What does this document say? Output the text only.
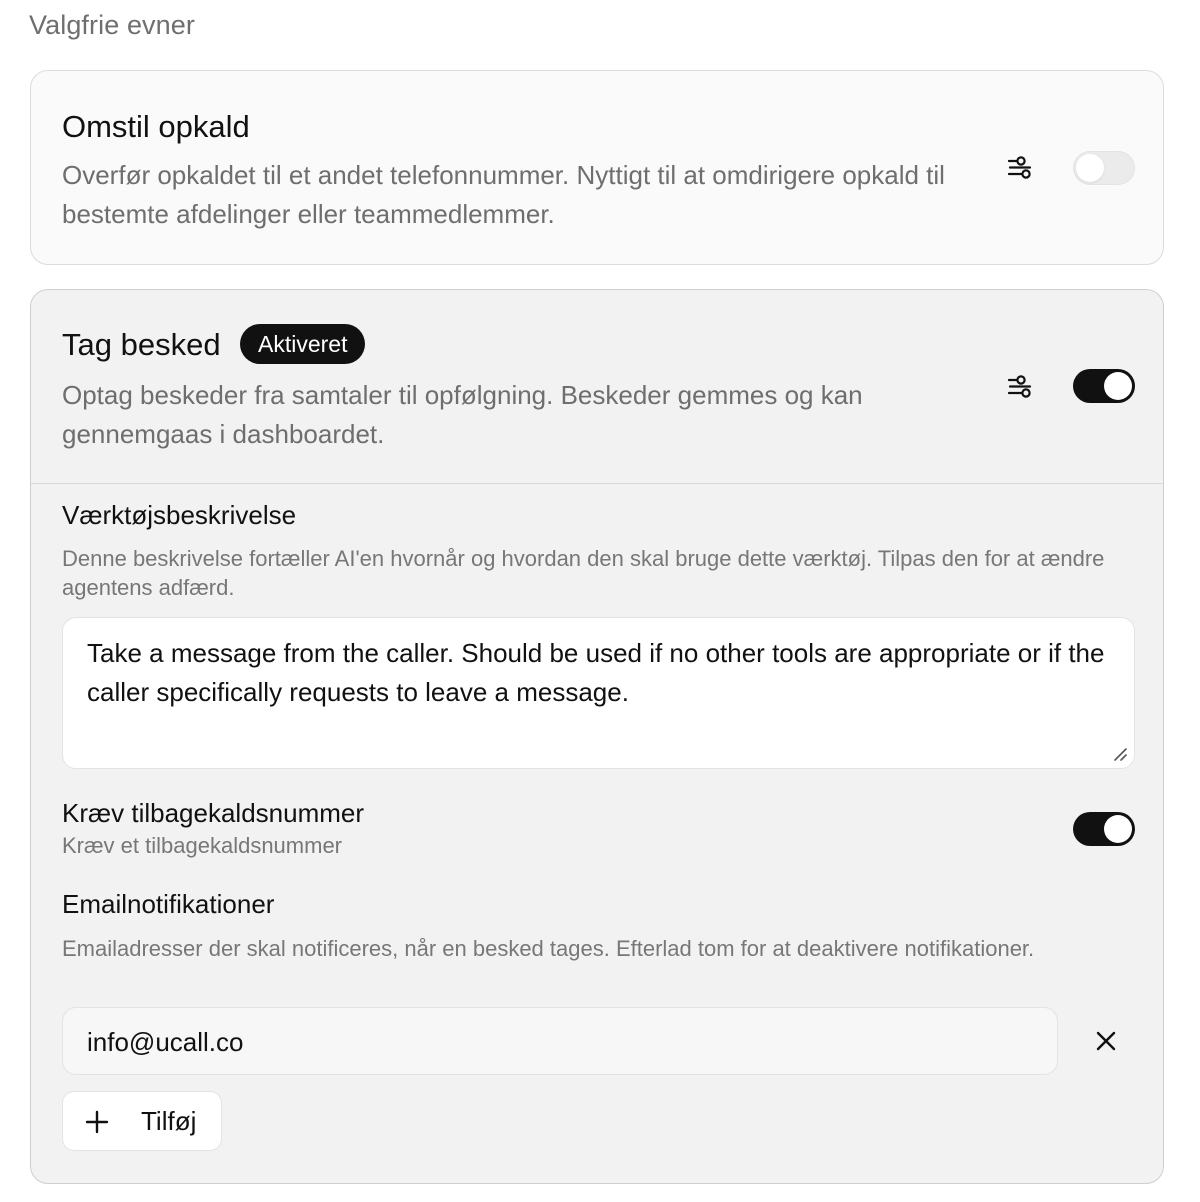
Valgfrie evner
Omstil opkald
Overfør opkaldet til et andet telefonnummer. Nyttigt til at omdirigere opkald til bestemte afdelinger eller teammedlemmer.
Tag besked	Aktiveret
Optag beskeder fra samtaler til opfølgning. Beskeder gemmes og kan gennemgaas i dashboardet.
Værktøjsbeskrivelse
Denne beskrivelse fortæller AI'en hvornår og hvordan den skal bruge dette værktøj. Tilpas den for at ændre agentens adfærd.
Take a message from the caller. Should be used if no other tools are appropriate or if the caller specifically requests to leave a message.
Kræv tilbagekaldsnummer
Kræv et tilbagekaldsnummer
Emailnotifikationer
Emailadresser der skal notificeres, når en besked tages. Efterlad tom for at deaktivere notifikationer.
info@ucall.co
Tilføj
